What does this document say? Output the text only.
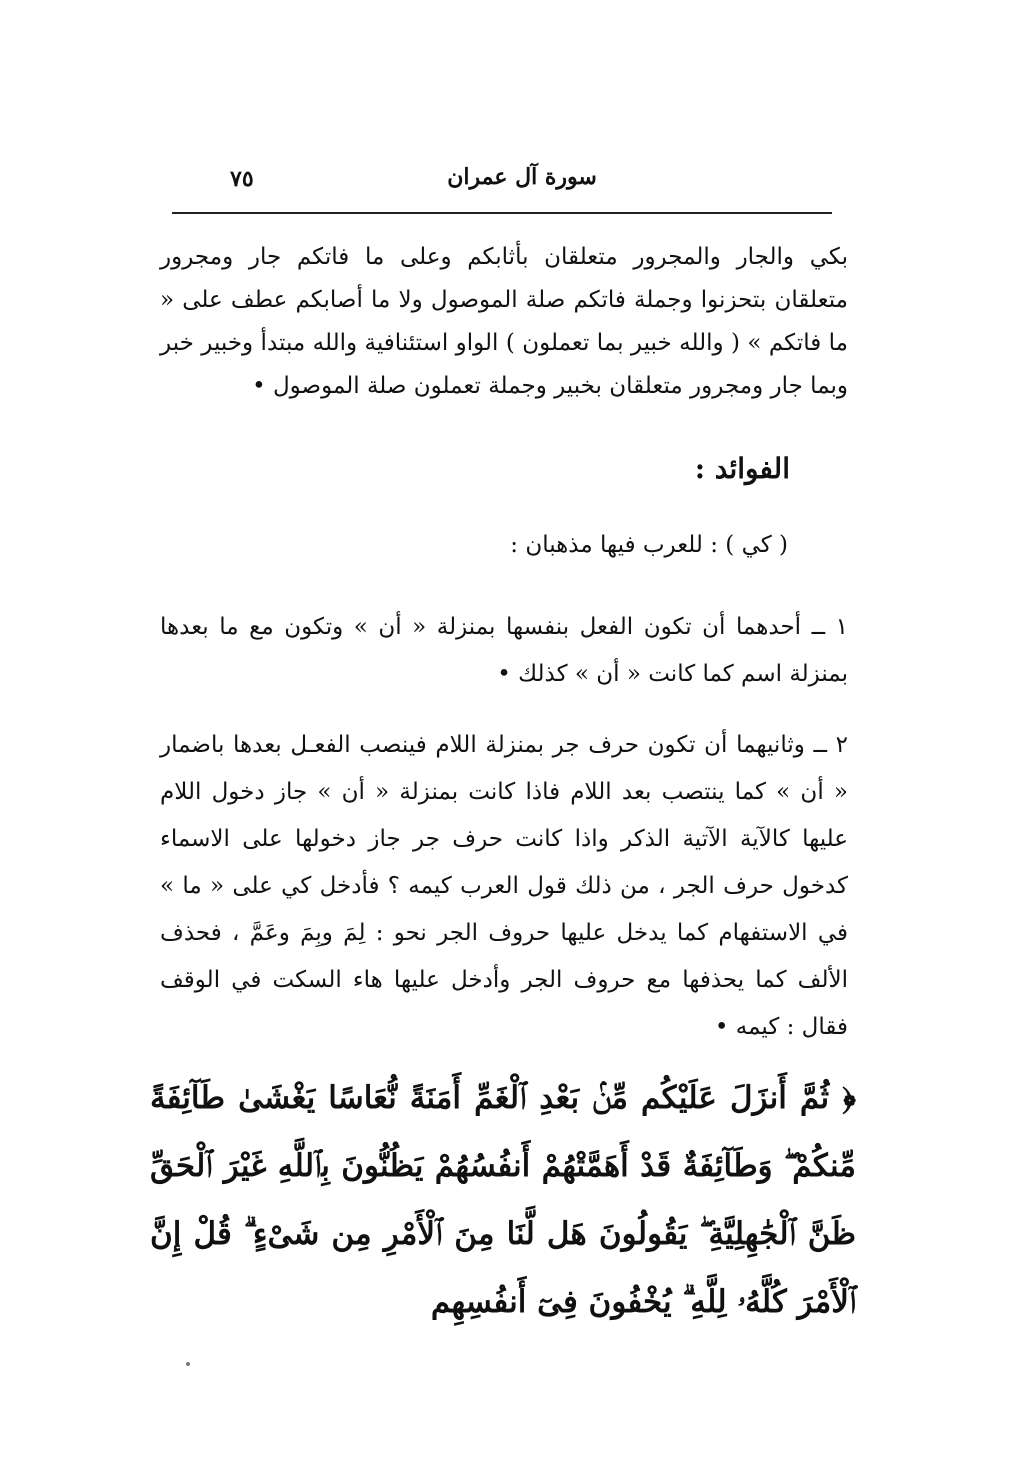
٧٥	سورة آل عمران

بكي والجار والمجرور متعلقان بأثابكم وعلى ما فاتكم جار ومجرور متعلقان بتحزنوا وجملة فاتكم صلة الموصول ولا ما أصابكم عطف على « ما فاتكم » ( والله خبير بما تعملون ) الواو استئنافية والله مبتدأ وخبير خبر وبما جار ومجرور متعلقان بخبير وجملة تعملون صلة الموصول •

الفوائد :
( كي ) : للعرب فيها مذهبان :

١ ــ أحدهما أن تكون الفعل بنفسها بمنزلة « أن » وتكون مع ما بعدها بمنزلة اسم كما كانت « أن » كذلك •

٢ ــ وثانيهما أن تكون حرف جر بمنزلة اللام فينصب الفعـل بعدها باضمار « أن » كما ينتصب بعد اللام فاذا كانت بمنزلة « أن » جاز دخول اللام عليها كالآية الآتية الذكر واذا كانت حرف جر جاز دخولها على الاسماء كدخول حرف الجر ، من ذلك قول العرب كيمه ؟ فأدخل كي على « ما » في الاستفهام كما يدخل عليها حروف الجر نحو : لِمَ وبِمَ وعَمَّ ، فحذف الألف كما يحذفها مع حروف الجر وأدخل عليها هاء السكت في الوقف فقال : كيمه •

﴿ ثُمَّ أَنزَلَ عَلَيْكُم مِّنۢ بَعْدِ ٱلْغَمِّ أَمَنَةً نُّعَاسًا يَغْشَىٰ طَآئِفَةً مِّنكُمْ ۖ وَطَآئِفَةٌ قَدْ أَهَمَّتْهُمْ أَنفُسُهُمْ يَظُنُّونَ بِٱللَّهِ غَيْرَ ٱلْحَقِّ ظَنَّ ٱلْجَٰهِلِيَّةِ ۖ يَقُولُونَ هَل لَّنَا مِنَ ٱلْأَمْرِ مِن شَىْءٍ ۗ قُلْ إِنَّ ٱلْأَمْرَ كُلَّهُۥ لِلَّهِ ۗ يُخْفُونَ فِىٓ أَنفُسِهِم
